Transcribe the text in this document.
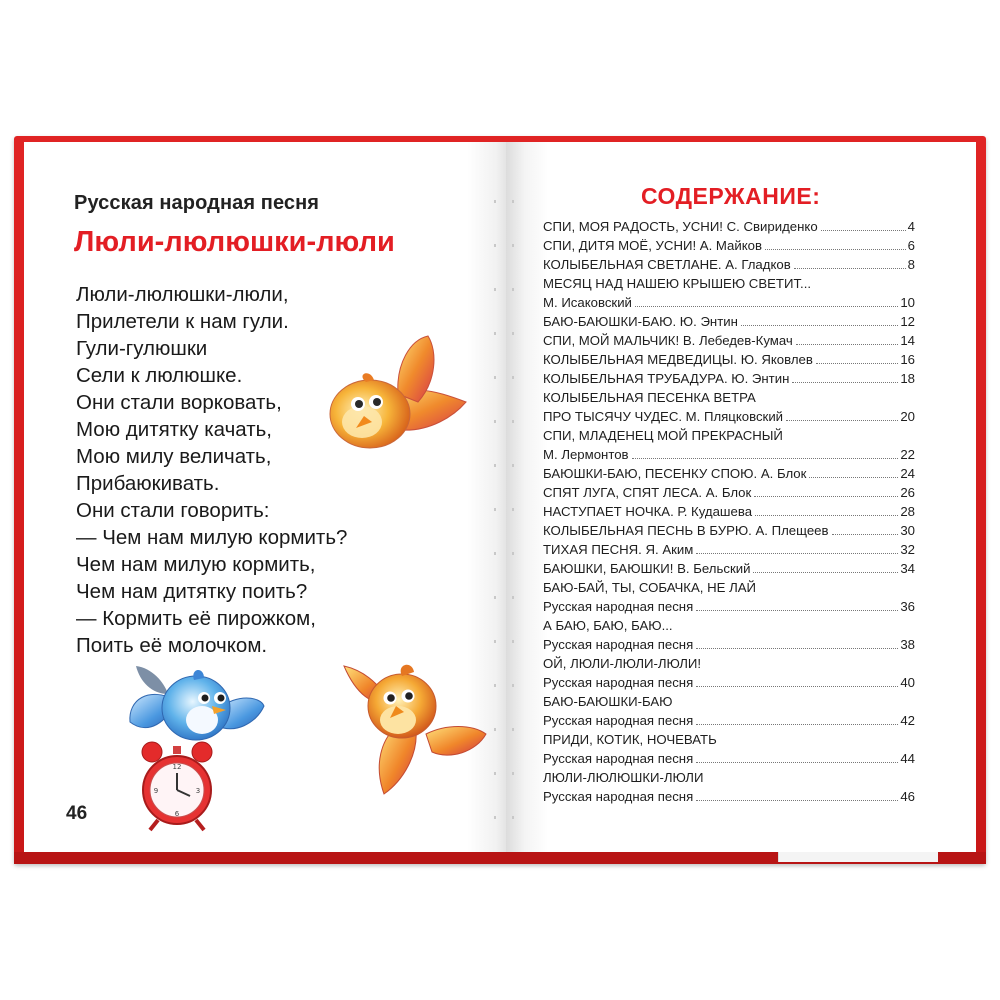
Русская народная песня
Люли-люлюшки-люли
Люли-люлюшки-люли,
Прилетели к нам гули.
Гули-гулюшки
Сели к люлюшке.
Они стали ворковать,
Мою дитятку качать,
Мою милу величать,
Прибаюкивать.
Они стали говорить:
— Чем нам милую кормить?
Чем нам милую кормить,
Чем нам дитятку поить?
— Кормить её пирожком,
Поить её молочком.
46
12
3
6
9
СОДЕРЖАНИЕ:
СПИ, МОЯ РАДОСТЬ, УСНИ! С. Свириденко	4
СПИ, ДИТЯ МОЁ, УСНИ! А. Майков	6
КОЛЫБЕЛЬНАЯ СВЕТЛАНЕ. А. Гладков	8
МЕСЯЦ НАД НАШЕЮ КРЫШЕЮ СВЕТИТ...
М. Исаковский	10
БАЮ-БАЮШКИ-БАЮ. Ю. Энтин	12
СПИ, МОЙ МАЛЬЧИК! В. Лебедев-Кумач	14
КОЛЫБЕЛЬНАЯ МЕДВЕДИЦЫ. Ю. Яковлев	16
КОЛЫБЕЛЬНАЯ ТРУБАДУРА. Ю. Энтин	18
КОЛЫБЕЛЬНАЯ ПЕСЕНКА ВЕТРА
ПРО ТЫСЯЧУ ЧУДЕС. М. Пляцковский	20
СПИ, МЛАДЕНЕЦ МОЙ ПРЕКРАСНЫЙ
М. Лермонтов	22
БАЮШКИ-БАЮ, ПЕСЕНКУ СПОЮ. А. Блок	24
СПЯТ ЛУГА, СПЯТ ЛЕСА. А. Блок	26
НАСТУПАЕТ НОЧКА. Р. Кудашева	28
КОЛЫБЕЛЬНАЯ ПЕСНЬ В БУРЮ. А. Плещеев	30
ТИХАЯ ПЕСНЯ. Я. Аким	32
БАЮШКИ, БАЮШКИ! В. Бельский	34
БАЮ-БАЙ, ТЫ, СОБАЧКА, НЕ ЛАЙ
Русская народная песня	36
А БАЮ, БАЮ, БАЮ...
Русская народная песня	38
ОЙ, ЛЮЛИ-ЛЮЛИ-ЛЮЛИ!
Русская народная песня	40
БАЮ-БАЮШКИ-БАЮ
Русская народная песня	42
ПРИДИ, КОТИК, НОЧЕВАТЬ
Русская народная песня	44
ЛЮЛИ-ЛЮЛЮШКИ-ЛЮЛИ
Русская народная песня	46
